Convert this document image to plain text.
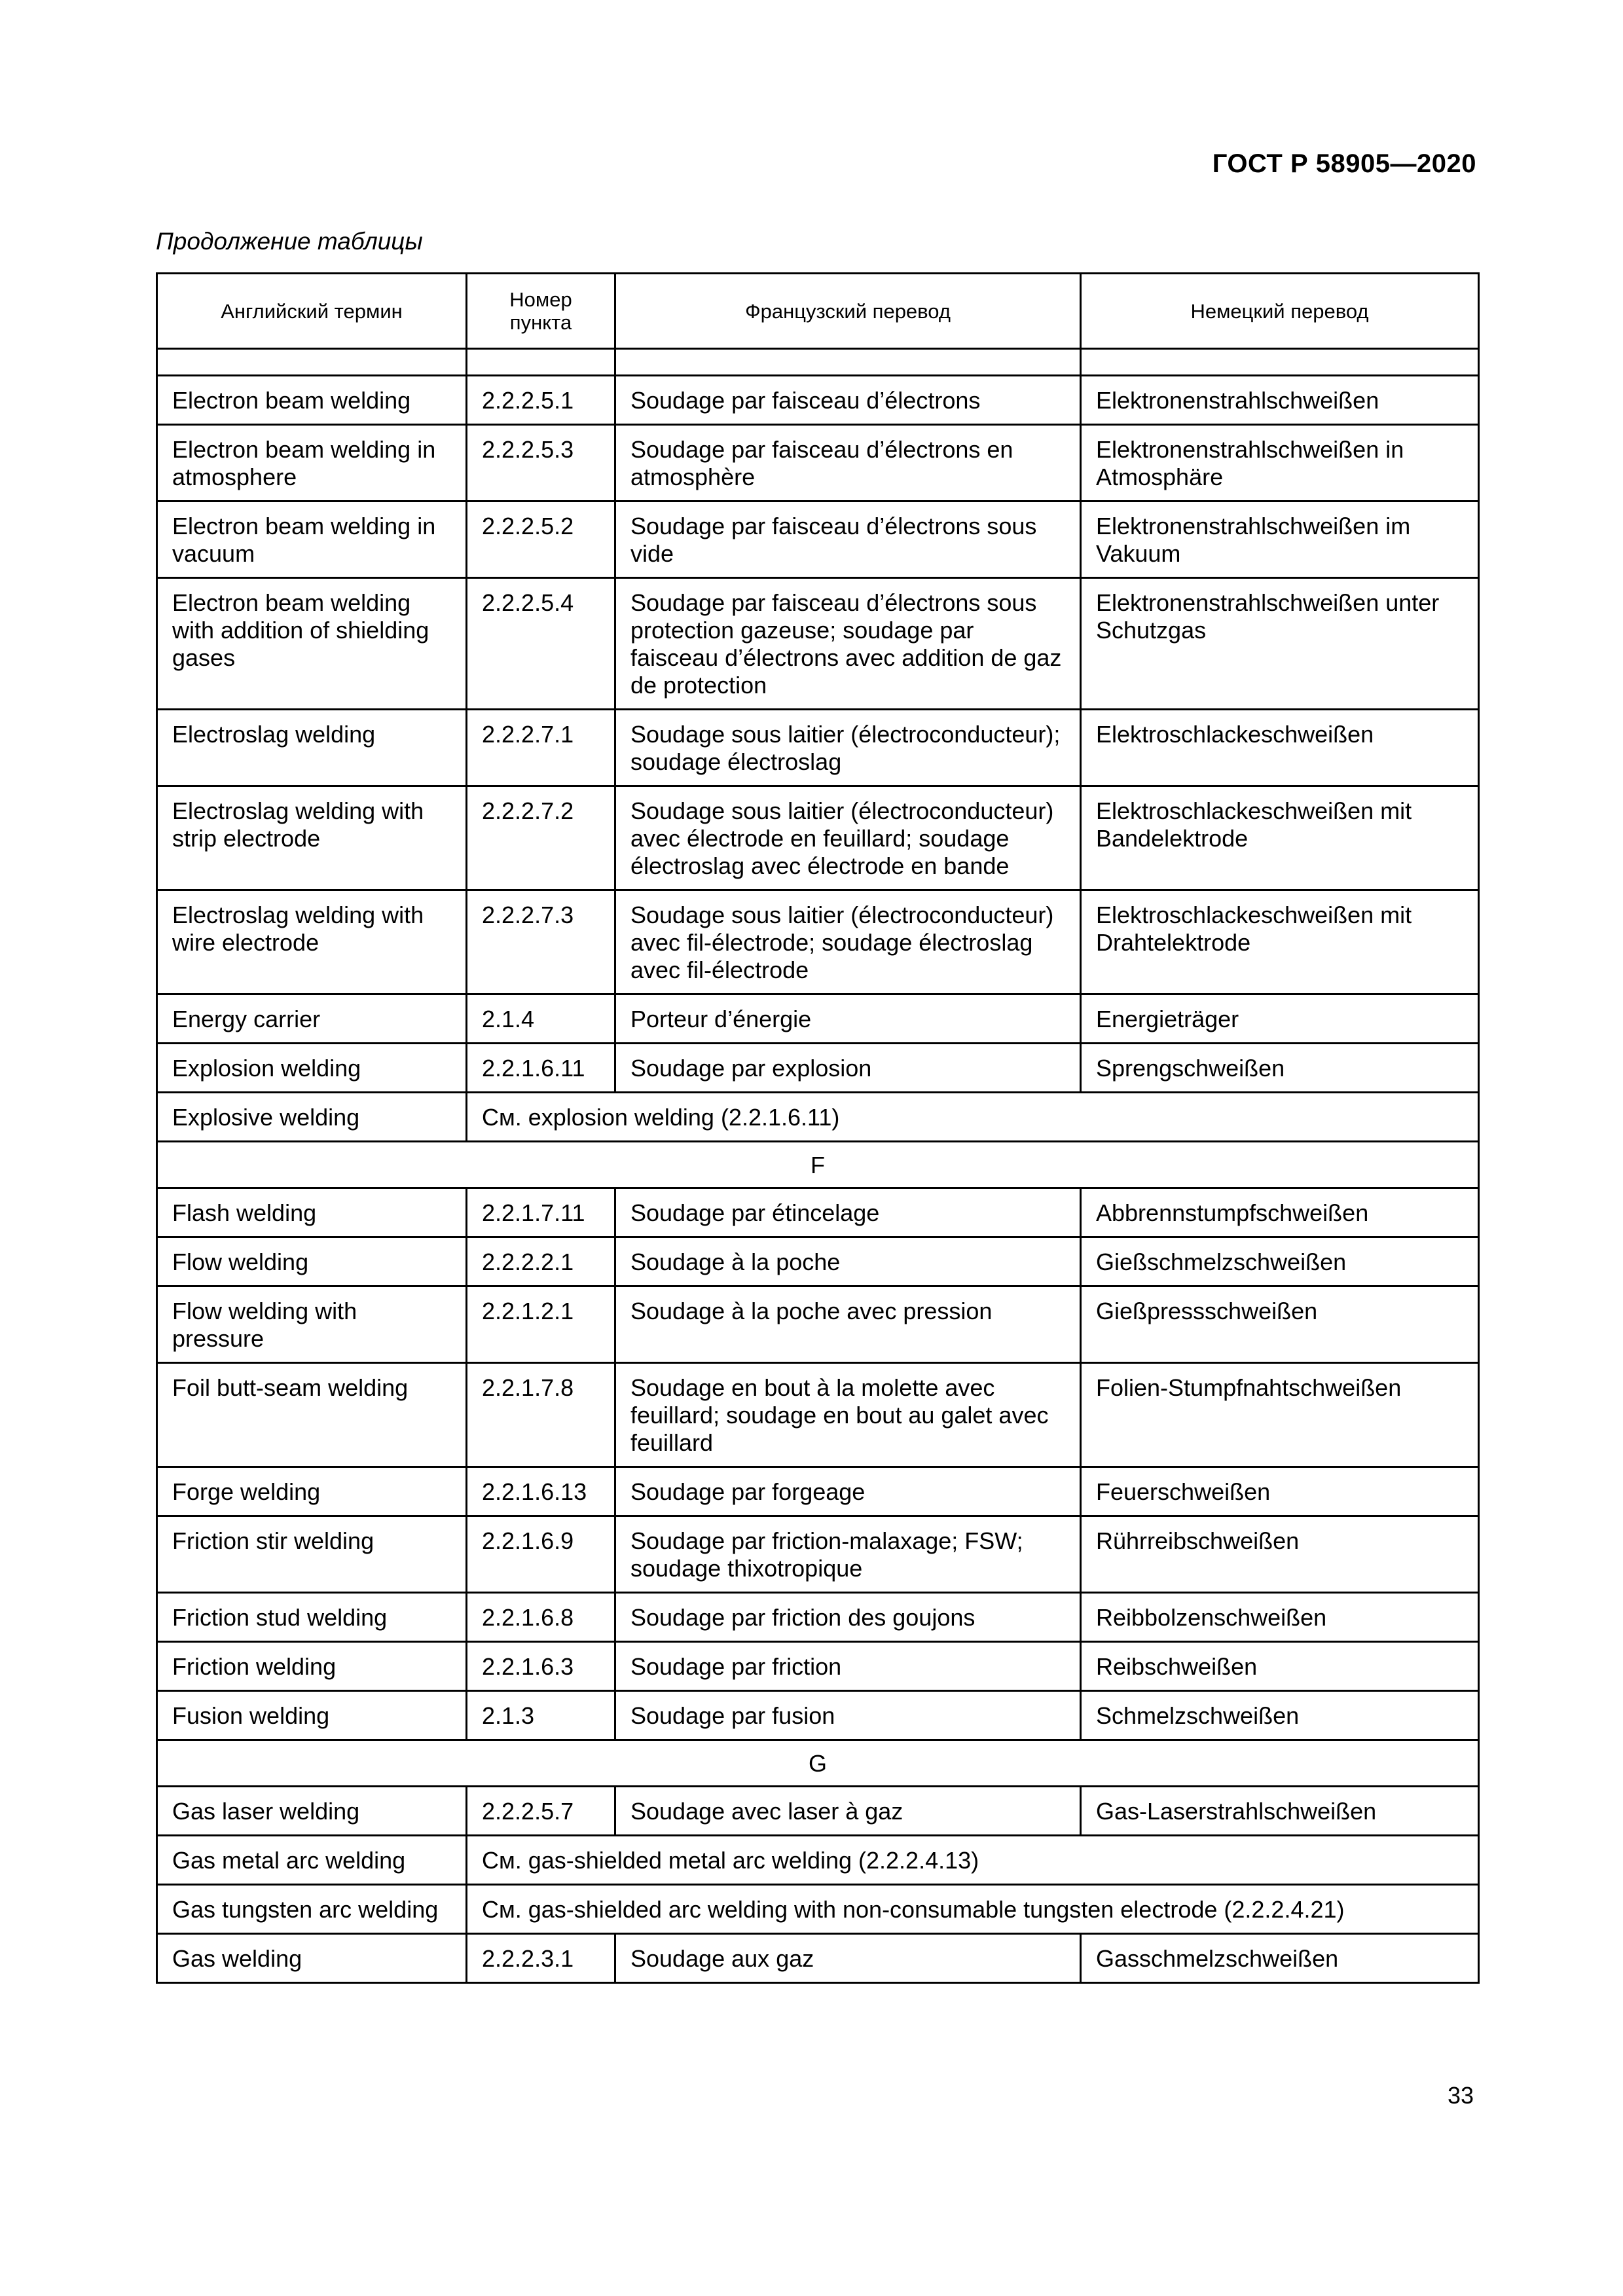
ГОСТ Р 58905—2020
Продолжение таблицы
Английский термин	Номер пункта	Французский перевод	Немецкий перевод

Electron beam welding	2.2.2.5.1	Soudage par faisceau d’électrons	Elektronenstrahlschweißen
Electron beam welding in atmosphere	2.2.2.5.3	Soudage par faisceau d’électrons en atmosphère	Elektronenstrahlschweißen in Atmosphäre
Electron beam welding in vacuum	2.2.2.5.2	Soudage par faisceau d’électrons sous vide	Elektronenstrahlschweißen im Vakuum
Electron beam welding with addition of shielding gases	2.2.2.5.4	Soudage par faisceau d’électrons sous protection gazeuse; soudage par faisceau d’électrons avec addition de gaz de protection	Elektronenstrahlschweißen unter Schutzgas
Electroslag welding	2.2.2.7.1	Soudage sous laitier (électroconducteur); soudage électroslag	Elektroschlackeschweißen
Electroslag welding with strip electrode	2.2.2.7.2	Soudage sous laitier (électroconducteur) avec électrode en feuillard; soudage électroslag avec électrode en bande	Elektroschlackeschweißen mit Bandelektrode
Electroslag welding with wire electrode	2.2.2.7.3	Soudage sous laitier (électroconducteur) avec fil-électrode; soudage électroslag avec fil-électrode	Elektroschlackeschweißen mit Drahtelektrode
Energy carrier	2.1.4	Porteur d’énergie	Energieträger
Explosion welding	2.2.1.6.11	Soudage par explosion	Sprengschweißen
Explosive welding	См. explosion welding (2.2.1.6.11)		
F			
Flash welding	2.2.1.7.11	Soudage par étincelage	Abbrennstumpfschweißen
Flow welding	2.2.2.2.1	Soudage à la poche	Gießschmelzschweißen
Flow welding with pressure	2.2.1.2.1	Soudage à la poche avec pression	Gießpressschweißen
Foil butt-seam welding	2.2.1.7.8	Soudage en bout à la molette avec feuillard; soudage en bout au galet avec feuillard	Folien-Stumpfnahtschweißen
Forge welding	2.2.1.6.13	Soudage par forgeage	Feuerschweißen
Friction stir welding	2.2.1.6.9	Soudage par friction-malaxage; FSW; soudage thixotropique	Rührreibschweißen
Friction stud welding	2.2.1.6.8	Soudage par friction des goujons	Reibbolzenschweißen
Friction welding	2.2.1.6.3	Soudage par friction	Reibschweißen
Fusion welding	2.1.3	Soudage par fusion	Schmelzschweißen
G			
Gas laser welding	2.2.2.5.7	Soudage avec laser à gaz	Gas-Laserstrahlschweißen
Gas metal arc welding	См. gas-shielded metal arc welding (2.2.2.4.13)		
Gas tungsten arc welding	См. gas-shielded arc welding with non-consumable tungsten electrode (2.2.2.4.21)		
Gas welding	2.2.2.3.1	Soudage aux gaz	Gasschmelzschweißen
33
